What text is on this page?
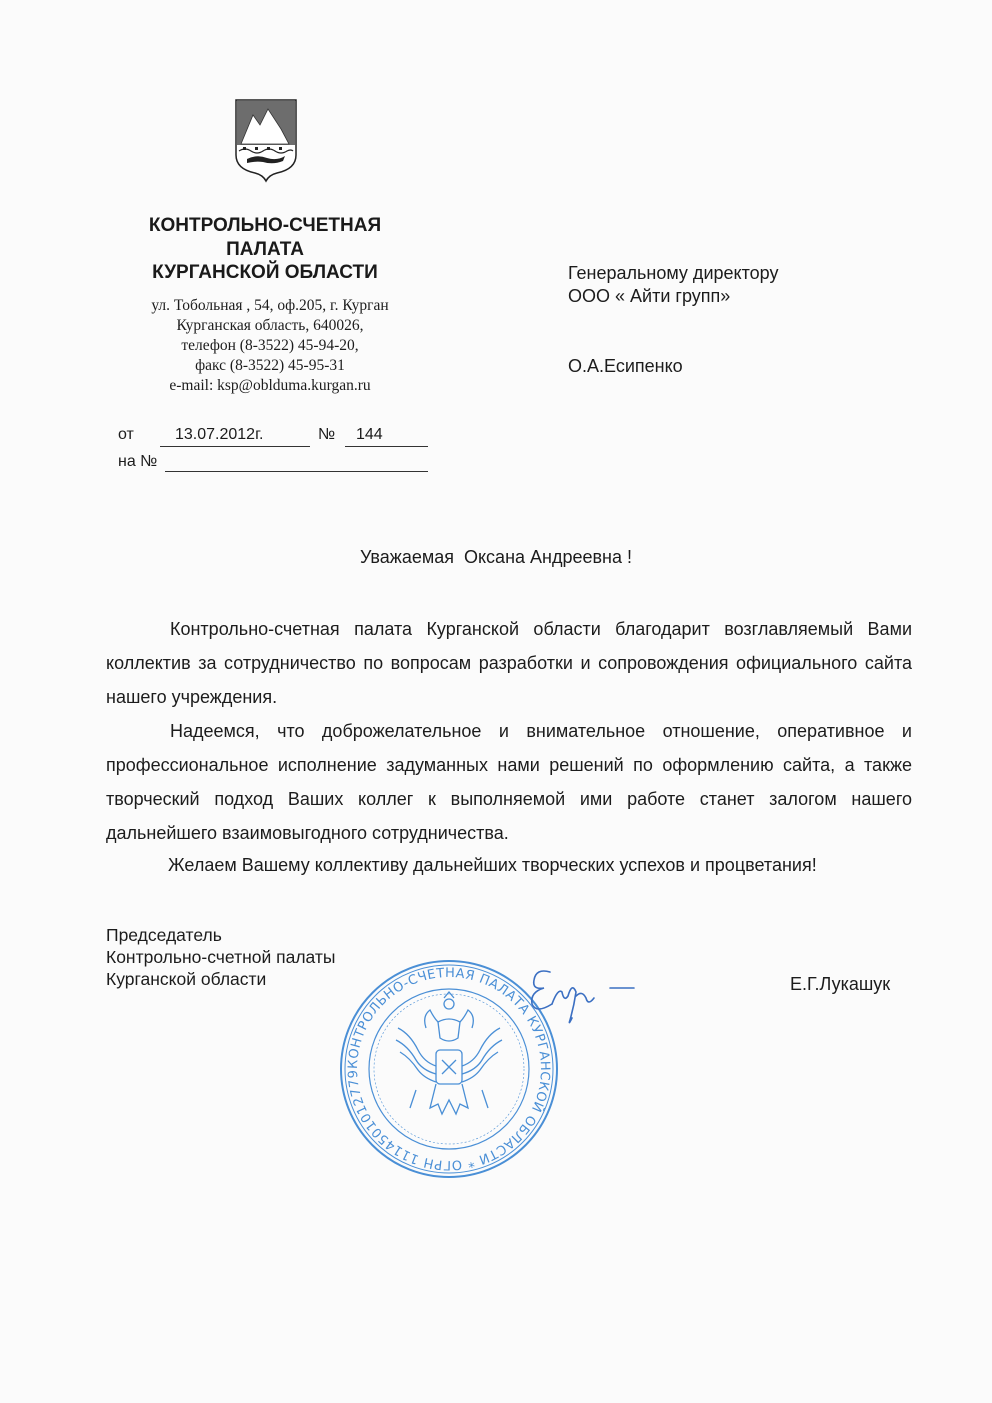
КОНТРОЛЬНО-СЧЕТНАЯ
ПАЛАТА
КУРГАНСКОЙ ОБЛАСТИ
ул. Тобольная , 54, оф.205, г. Курган
Курганская область, 640026,
телефон (8-3522) 45-94-20,
факс (8-3522) 45-95-31
e-mail: ksp@oblduma.kurgan.ru
от	13.07.2012г.	№ 144
на №
Генеральному директору
ООО « Айти групп»
О.А.Есипенко
Уважаемая  Оксана Андреевна !

Контрольно-счетная палата Курганской области благодарит возглавляемый Вами коллектив за сотрудничество по вопросам разработки и сопровождения официального сайта нашего учреждения.

Надеемся, что доброжелательное и внимательное отношение, оперативное и профессиональное исполнение задуманных нами решений по оформлению сайта, а также творческий подход Ваших коллег к выполняемой ими работе станет залогом нашего дальнейшего взаимовыгодного сотрудничества.

Желаем Вашему коллективу дальнейших творческих успехов и процветания!
Председатель
Контрольно-счетной палаты
Курганской области	Е.Г.Лукашук
КОНТРОЛЬНО-СЧЕТНАЯ ПАЛАТА КУРГАНСКОЙ ОБЛАСТИ * ОГРН 1114501012779
